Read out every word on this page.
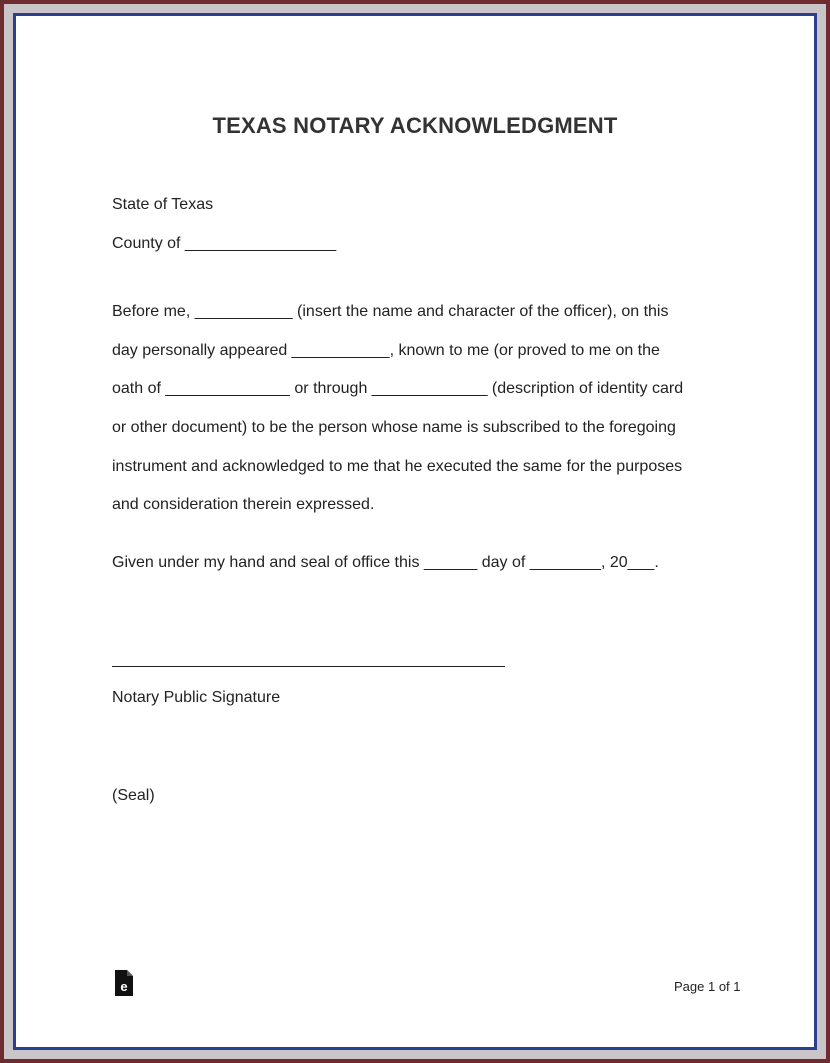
TEXAS NOTARY ACKNOWLEDGMENT
State of Texas
County of _________________
Before me, ___________ (insert the name and character of the officer), on this
day personally appeared ___________, known to me (or proved to me on the
oath of ______________ or through _____________ (description of identity card
or other document) to be the person whose name is subscribed to the foregoing
instrument and acknowledged to me that he executed the same for the purposes
and consideration therein expressed.
Given under my hand and seal of office this ______ day of ________, 20___.
Notary Public Signature
(Seal)
e	Page 1 of 1
